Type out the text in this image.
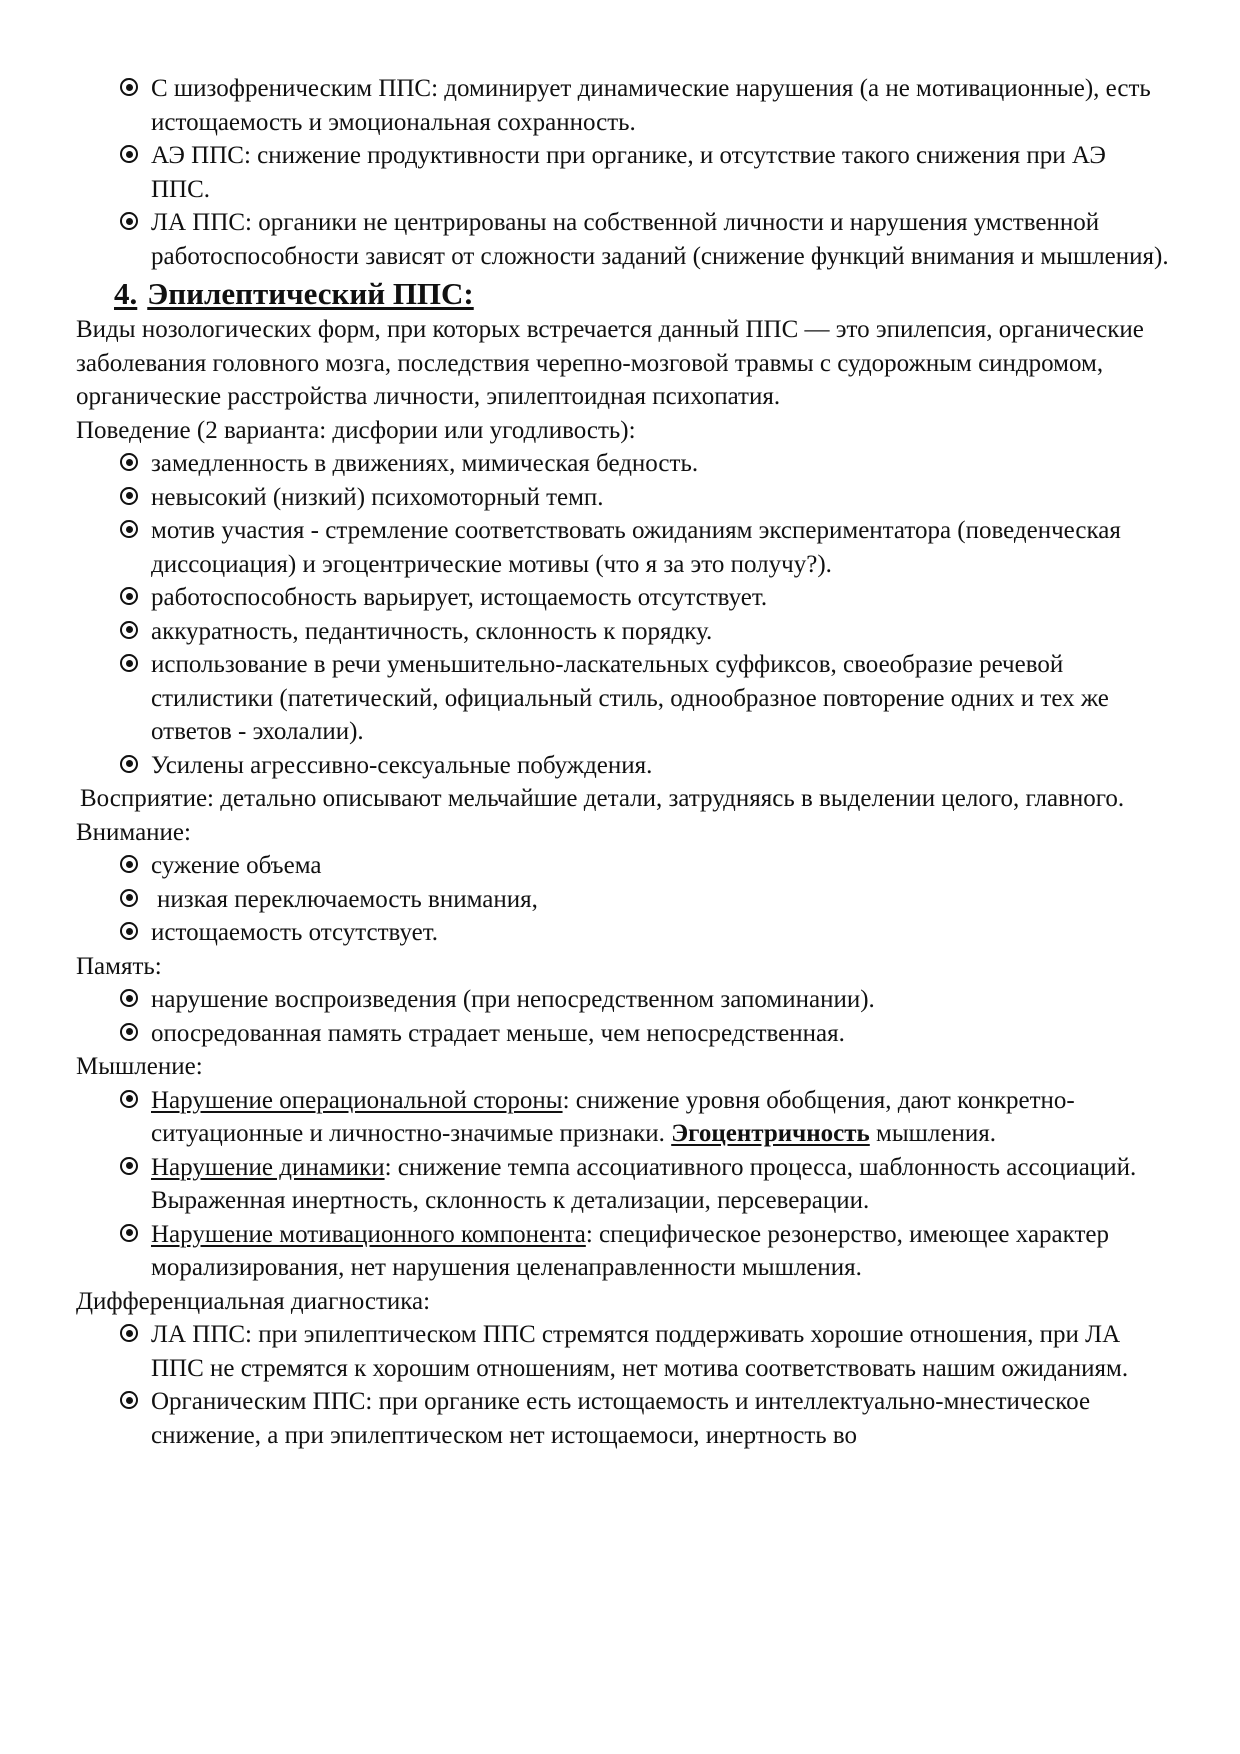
С шизофреническим ППС: доминирует динамические нарушения (а не мотивационные), есть истощаемость и эмоциональная сохранность.
АЭ ППС: снижение продуктивности при органике, и отсутствие такого снижения при АЭ ППС.
ЛА ППС: органики не центрированы на собственной личности и нарушения умственной работоспособности зависят от сложности заданий (снижение функций внимания и мышления).
4. Эпилептический ППС:

Виды нозологических форм, при которых встречается данный ППС — это эпилепсия, органические заболевания головного мозга, последствия черепно-мозговой травмы с судорожным синдромом, органические расстройства личности, эпилептоидная психопатия.

Поведение (2 варианта: дисфории или угодливость):

замедленность в движениях, мимическая бедность.
невысокий (низкий) психомоторный темп.
мотив участия - стремление соответствовать ожиданиям экспериментатора (поведенческая диссоциация) и эгоцентрические мотивы (что я за это получу?).
работоспособность варьирует, истощаемость отсутствует.
аккуратность, педантичность, склонность к порядку.
использование в речи уменьшительно-ласкательных суффиксов, своеобразие речевой стилистики (патетический, официальный стиль, однообразное повторение одних и тех же ответов - эхолалии).
Усилены агрессивно-сексуальные побуждения.

Восприятие: детально описывают мельчайшие детали, затрудняясь в выделении целого, главного.

Внимание:

сужение объема
низкая переключаемость внимания,
истощаемость отсутствует.

Память:

нарушение воспроизведения (при непосредственном запоминании).
опосредованная память страдает меньше, чем непосредственная.

Мышление:

Нарушение операциональной стороны: снижение уровня обобщения, дают конкретно-ситуационные и личностно-значимые признаки. Эгоцентричность мышления.
Нарушение динамики: снижение темпа ассоциативного процесса, шаблонность ассоциаций. Выраженная инертность, склонность к детализации, персеверации.
Нарушение мотивационного компонента: специфическое резонерство, имеющее характер морализирования, нет нарушения целенаправленности мышления.

Дифференциальная диагностика:

ЛА ППС: при эпилептическом ППС стремятся поддерживать хорошие отношения, при ЛА ППС не стремятся к хорошим отношениям, нет мотива соответствовать нашим ожиданиям.
Органическим ППС: при органике есть истощаемость и интеллектуально-мнестическое снижение, а при эпилептическом нет истощаемоси, инертность во
